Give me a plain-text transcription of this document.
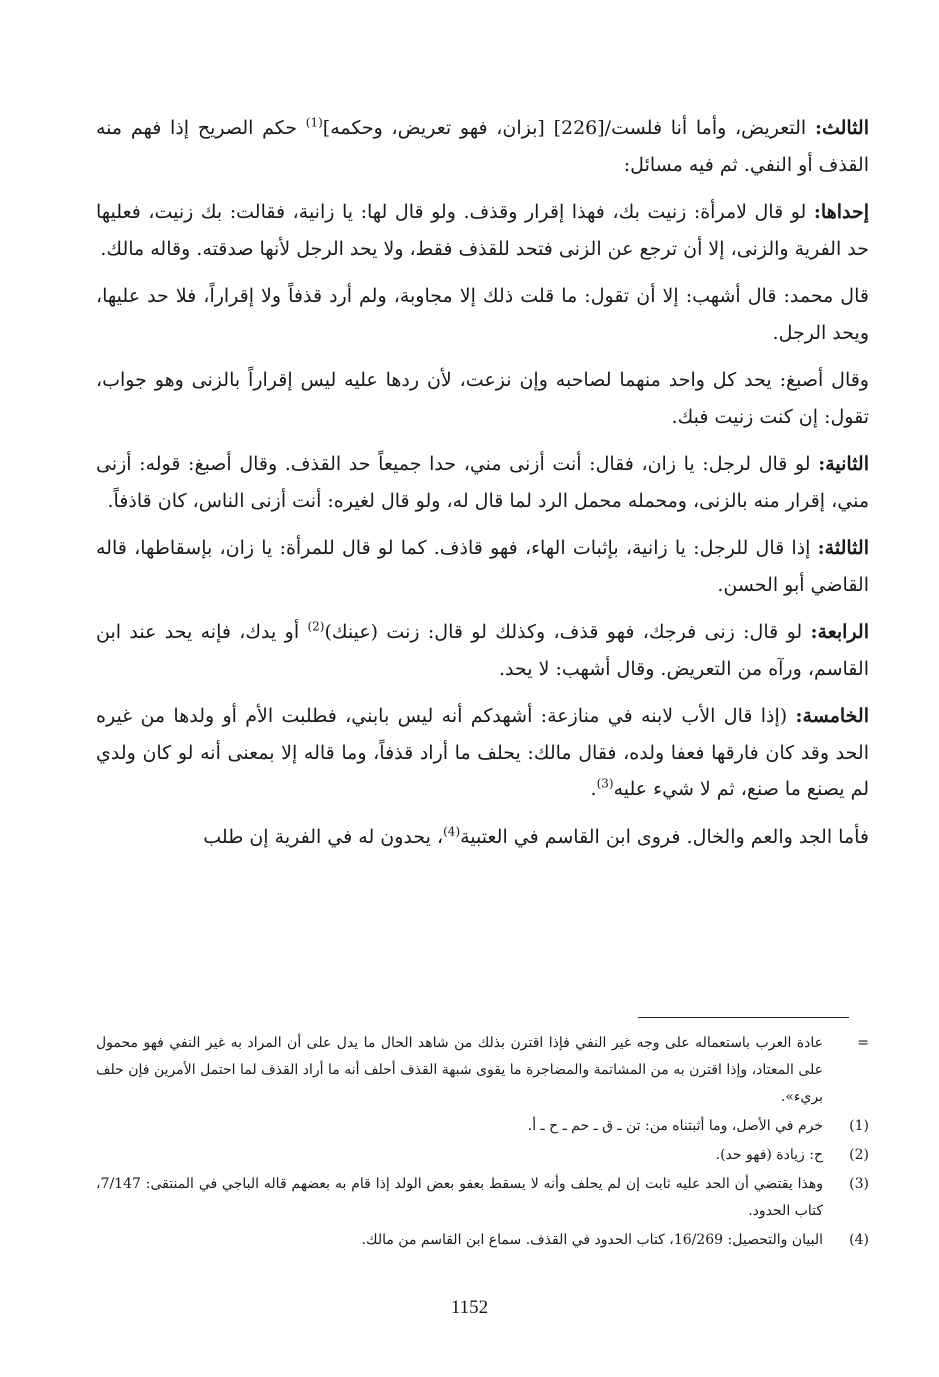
الثالث: التعريض، وأما أنا فلست/[226] [بزان، فهو تعريض، وحكمه]$^{(1)}$ حكم الصريح إذا فهم منه القذف أو النفي. ثم فيه مسائل:

إحداها: لو قال لامرأة: زنيت بك، فهذا إقرار وقذف. ولو قال لها: يا زانية، فقالت: بك زنيت، فعليها حد الفرية والزنى، إلا أن ترجع عن الزنى فتحد للقذف فقط، ولا يحد الرجل لأنها صدقته. وقاله مالك.

قال محمد: قال أشهب: إلا أن تقول: ما قلت ذلك إلا مجاوبة، ولم أرد قذفاً ولا إقراراً، فلا حد عليها، ويحد الرجل.

وقال أصبغ: يحد كل واحد منهما لصاحبه وإن نزعت، لأن ردها عليه ليس إقراراً بالزنى وهو جواب، تقول: إن كنت زنيت فبك.

الثانية: لو قال لرجل: يا زان، فقال: أنت أزنى مني، حدا جميعاً حد القذف. وقال أصبغ: قوله: أزنى مني، إقرار منه بالزنى، ومحمله محمل الرد لما قال له، ولو قال لغيره: أنت أزنى الناس، كان قاذفاً.

الثالثة: إذا قال للرجل: يا زانية، بإثبات الهاء، فهو قاذف. كما لو قال للمرأة: يا زان، بإسقاطها، قاله القاضي أبو الحسن.

الرابعة: لو قال: زنى فرجك، فهو قذف، وكذلك لو قال: زنت (عينك)$^{(2)}$ أو يدك، فإنه يحد عند ابن القاسم، ورآه من التعريض. وقال أشهب: لا يحد.

الخامسة: (إذا قال الأب لابنه في منازعة: أشهدكم أنه ليس بابني، فطلبت الأم أو ولدها من غيره الحد وقد كان فارقها فعفا ولده، فقال مالك: يحلف ما أراد قذفاً، وما قاله إلا بمعنى أنه لو كان ولدي لم يصنع ما صنع، ثم لا شيء عليه$^{(3)}$.

فأما الجد والعم والخال. فروى ابن القاسم في العتبية$^{(4)}$، يحدون له في الفرية إن طلب

=
عادة العرب باستعماله على وجه غير النفي فإذا اقترن بذلك من شاهد الحال ما يدل على أن المراد به غير النفي فهو محمول على المعتاد، وإذا اقترن به من المشاتمة والمضاجرة ما يقوى شبهة القذف أحلف أنه ما أراد القذف لما احتمل الأمرين فإن حلف بريء».
(1)
خرم في الأصل، وما أثبتناه من: تن ـ ق ـ حم ـ ح ـ أ.
(2)
ح: زيادة (فهو حد).
(3)
وهذا يقتضي أن الحد عليه ثابت إن لم يحلف وأنه لا يسقط بعفو بعض الولد إذا قام به بعضهم قاله الباجي في المنتقى: 7/147، كتاب الحدود.
(4)
البيان والتحصيل: 16/269، كتاب الحدود في القذف. سماع ابن القاسم من مالك.
1152
